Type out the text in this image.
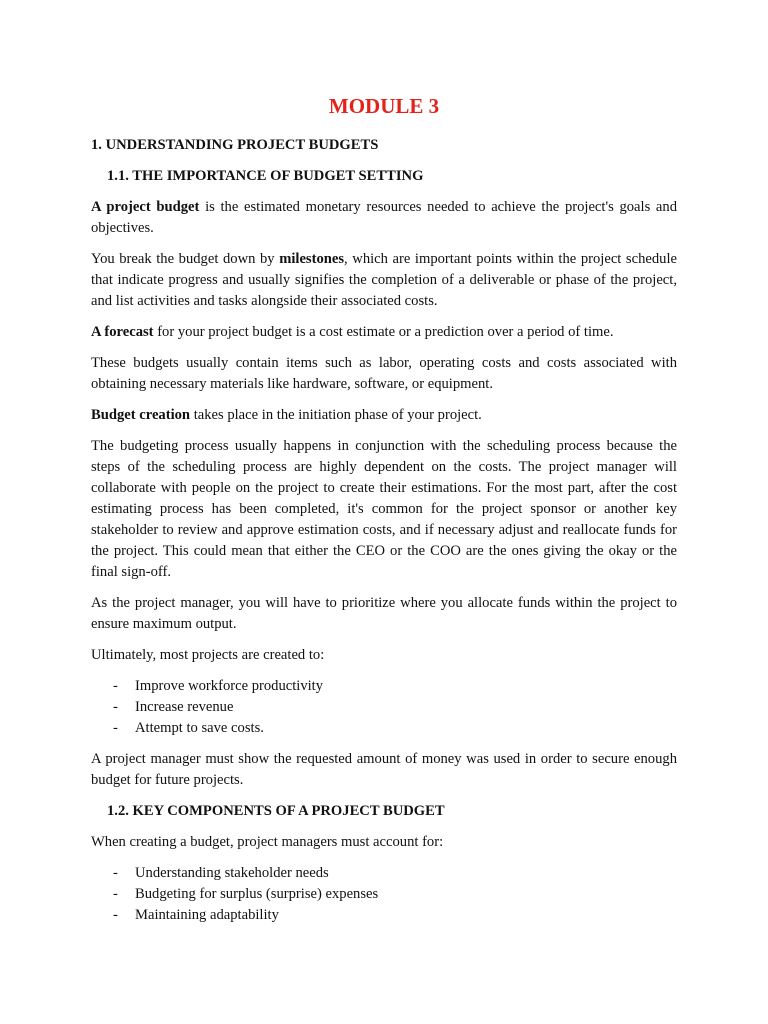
MODULE 3
1. UNDERSTANDING PROJECT BUDGETS
1.1. THE IMPORTANCE OF BUDGET SETTING

A project budget is the estimated monetary resources needed to achieve the project's goals and objectives.

You break the budget down by milestones, which are important points within the project schedule that indicate progress and usually signifies the completion of a deliverable or phase of the project, and list activities and tasks alongside their associated costs.

A forecast for your project budget is a cost estimate or a prediction over a period of time.

These budgets usually contain items such as labor, operating costs and costs associated with obtaining necessary materials like hardware, software, or equipment.

Budget creation takes place in the initiation phase of your project.

The budgeting process usually happens in conjunction with the scheduling process because the steps of the scheduling process are highly dependent on the costs. The project manager will collaborate with people on the project to create their estimations. For the most part, after the cost estimating process has been completed, it's common for the project sponsor or another key stakeholder to review and approve estimation costs, and if necessary adjust and reallocate funds for the project. This could mean that either the CEO or the COO are the ones giving the okay or the final sign-off.

As the project manager, you will have to prioritize where you allocate funds within the project to ensure maximum output.

Ultimately, most projects are created to:

- Improve workforce productivity
- Increase revenue
- Attempt to save costs.

A project manager must show the requested amount of money was used in order to secure enough budget for future projects.

1.2. KEY COMPONENTS OF A PROJECT BUDGET

When creating a budget, project managers must account for:

- Understanding stakeholder needs
- Budgeting for surplus (surprise) expenses
- Maintaining adaptability
